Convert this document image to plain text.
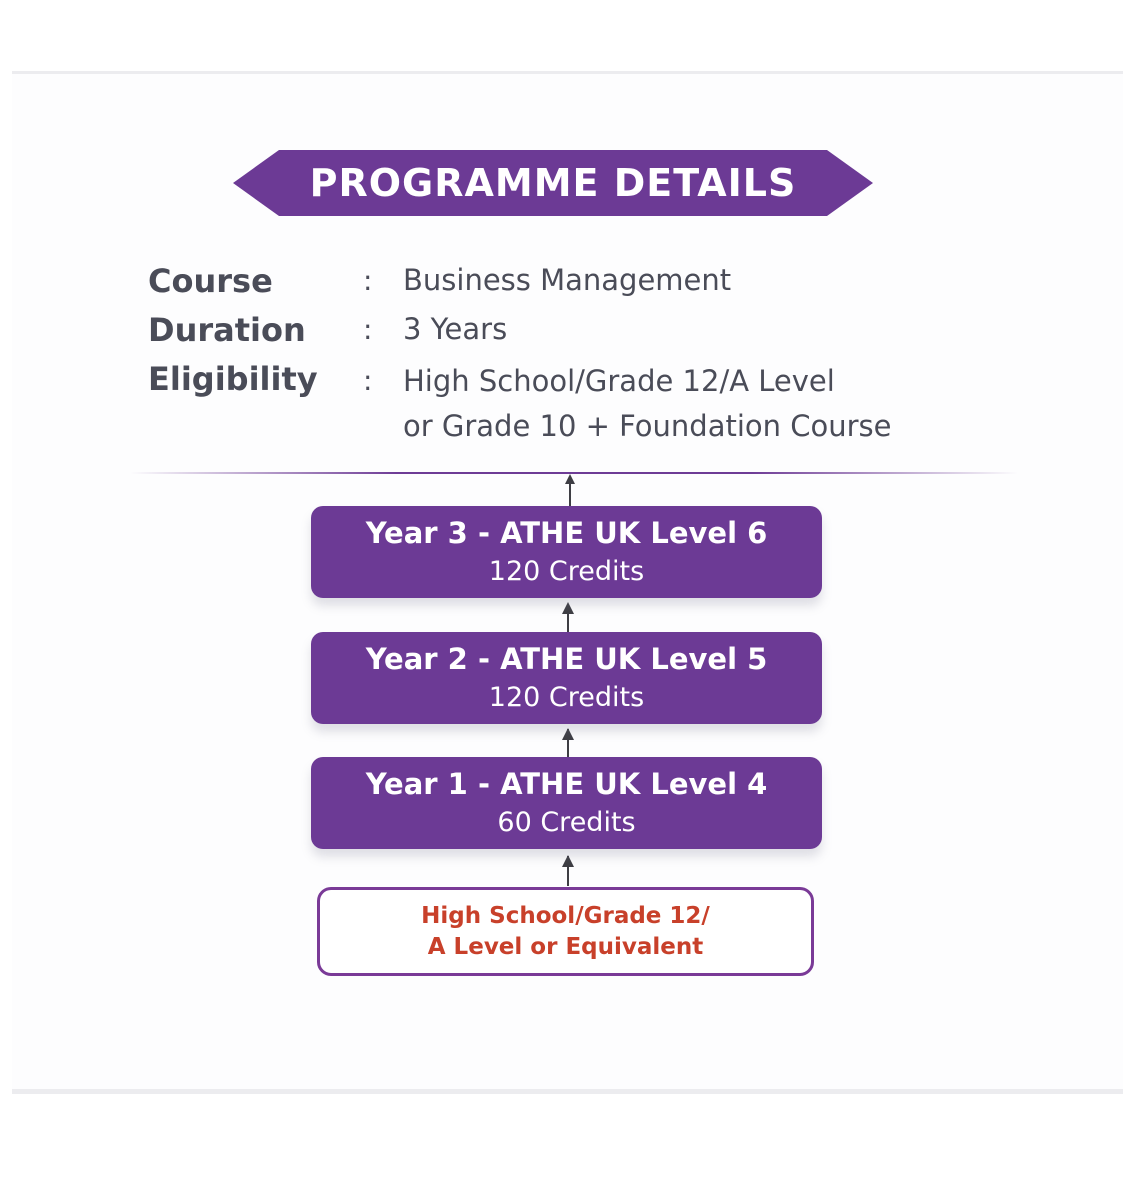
PROGRAMME DETAILS
Course	: Business Management
Duration : 3 Years
Eligibility : High School/Grade 12/A Level
or Grade 10 + Foundation Course
Year 3 - ATHE UK Level 6
120 Credits
Year 2 - ATHE UK Level 5
120 Credits
Year 1 - ATHE UK Level 4
60 Credits
High School/Grade 12/
A Level or Equivalent
